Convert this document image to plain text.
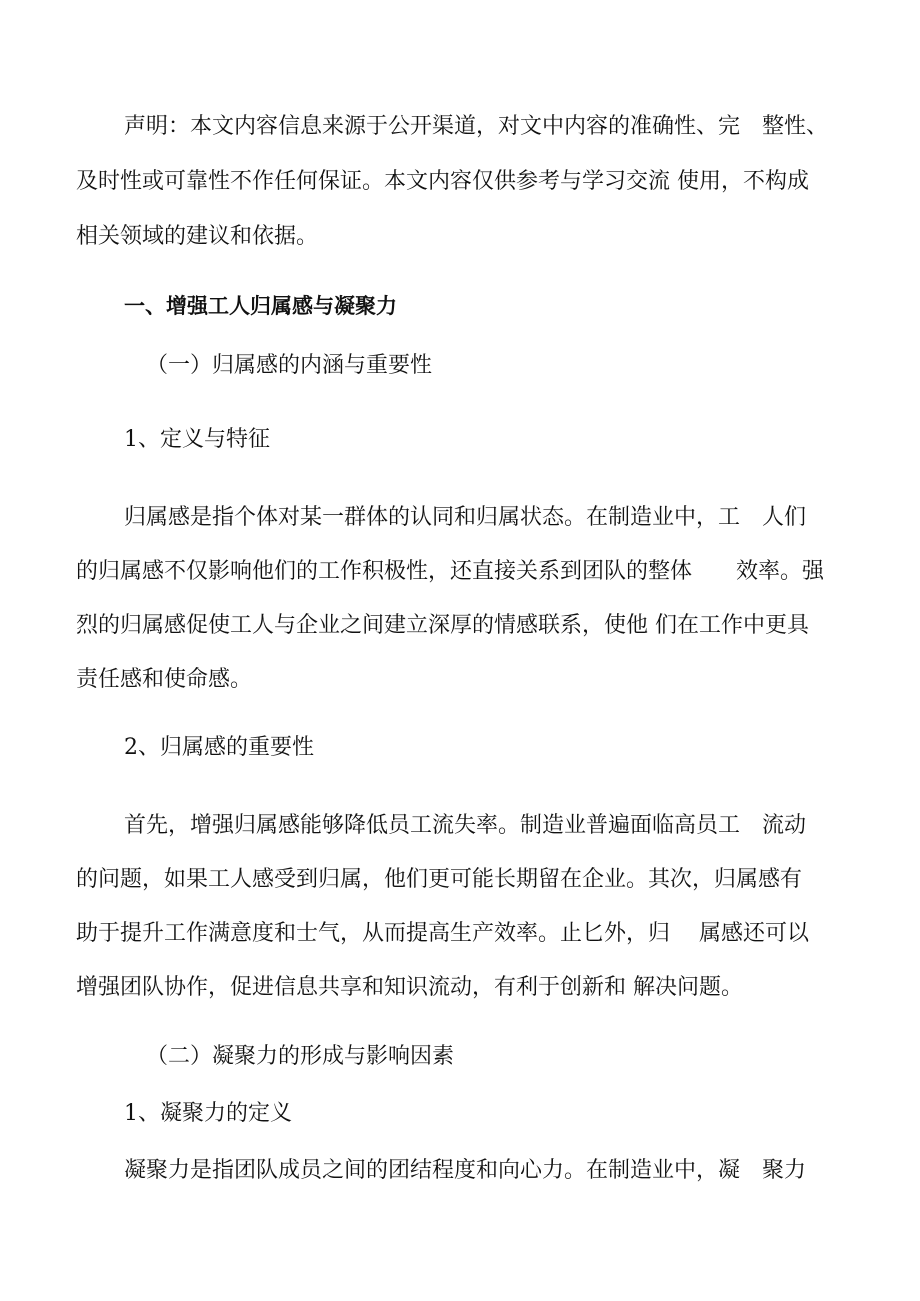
声明：本文内容信息来源于公开渠道，对文中内容的准确性、完　整性、
及时性或可靠性不作任何保证。本文内容仅供参考与学习交流 使用，不构成
相关领域的建议和依据。
一、增强工人归属感与凝聚力
（一）归属感的内涵与重要性
1、定义与特征
归属感是指个体对某一群体的认同和归属状态。在制造业中，工　人们
的归属感不仅影响他们的工作积极性，还直接关系到团队的整体　　效率。强
烈的归属感促使工人与企业之间建立深厚的情感联系，使他 们在工作中更具
责任感和使命感。
2、归属感的重要性
首先，增强归属感能够降低员工流失率。制造业普遍面临高员工　流动
的问题，如果工人感受到归属，他们更可能长期留在企业。其次，归属感有
助于提升工作满意度和士气，从而提高生产效率。止匕外，归　 属感还可以
增强团队协作，促进信息共享和知识流动，有利于创新和 解决问题。
（二）凝聚力的形成与影响因素
1、凝聚力的定义
凝聚力是指团队成员之间的团结程度和向心力。在制造业中，凝　聚力
